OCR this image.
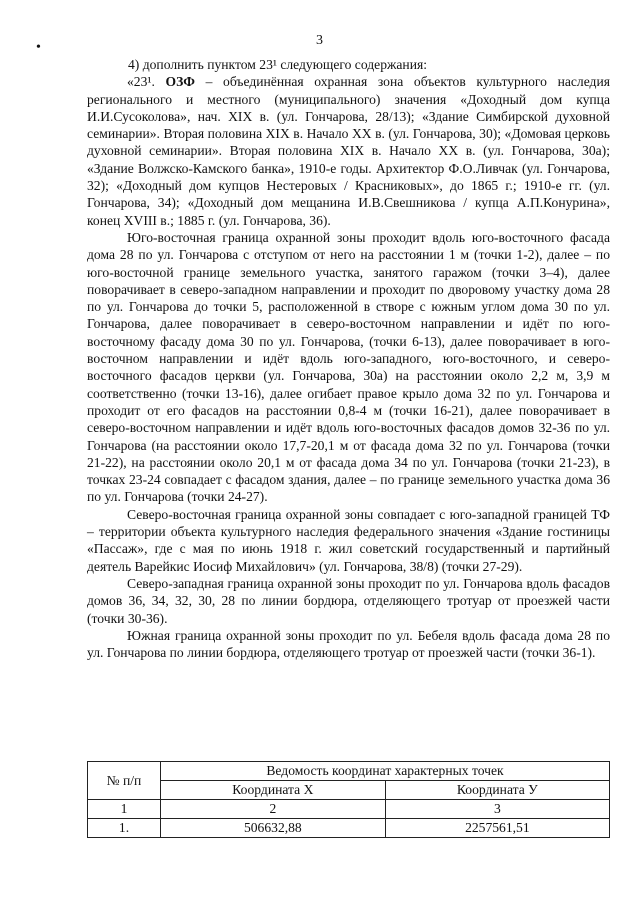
•	3

4) дополнить пунктом 23¹ следующего содержания:

«23¹. ОЗФ – объединённая охранная зона объектов культурного наследия регионального и местного (муниципального) значения «Доходный дом купца И.И.Сусоколова», нач. XIX в. (ул. Гончарова, 28/13); «Здание Симбирской духовной семинарии». Вторая половина XIX в. Начало XX в. (ул. Гончарова, 30); «Домовая церковь духовной семинарии». Вторая половина XIX в. Начало XX в. (ул. Гончарова, 30а); «Здание Волжско-Камского банка», 1910-е годы. Архитектор Ф.О.Ливчак (ул. Гончарова, 32); «Доходный дом купцов Нестеровых / Красниковых», до 1865 г.; 1910-е гг. (ул. Гончарова, 34); «Доходный дом мещанина И.В.Свешникова / купца А.П.Конурина», конец XVIII в.; 1885 г. (ул. Гончарова, 36).

Юго-восточная граница охранной зоны проходит вдоль юго-восточного фасада дома 28 по ул. Гончарова с отступом от него на расстоянии 1 м (точки 1-2), далее – по юго-восточной границе земельного участка, занятого гаражом (точки 3–4), далее поворачивает в северо-западном направлении и проходит по дворовому участку дома 28 по ул. Гончарова до точки 5, расположенной в створе с южным углом дома 30 по ул. Гончарова, далее поворачивает в северо-восточном направлении и идёт по юго-восточному фасаду дома 30 по ул. Гончарова, (точки 6-13), далее поворачивает в юго-восточном направлении и идёт вдоль юго-западного, юго-восточного, и северо-восточного фасадов церкви (ул. Гончарова, 30а) на расстоянии около 2,2 м, 3,9 м соответственно (точки 13-16), далее огибает правое крыло дома 32 по ул. Гончарова и проходит от его фасадов на расстоянии 0,8-4 м (точки 16-21), далее поворачивает в северо-восточном направлении и идёт вдоль юго-восточных фасадов домов 32-36 по ул. Гончарова (на расстоянии около 17,7-20,1 м от фасада дома 32 по ул. Гончарова (точки 21-22), на расстоянии около 20,1 м от фасада дома 34 по ул. Гончарова (точки 21-23), в точках 23-24 совпадает с фасадом здания, далее – по границе земельного участка дома 36 по ул. Гончарова (точки 24-27).

Северо-восточная граница охранной зоны совпадает с юго-западной границей ТФ – территории объекта культурного наследия федерального значения «Здание гостиницы «Пассаж», где с мая по июнь 1918 г. жил советский государственный и партийный деятель Варейкис Иосиф Михайлович» (ул. Гончарова, 38/8) (точки 27-29).

Северо-западная граница охранной зоны проходит по ул. Гончарова вдоль фасадов домов 36, 34, 32, 30, 28 по линии бордюра, отделяющего тротуар от проезжей части (точки 30-36).

Южная граница охранной зоны проходит по ул. Бебеля вдоль фасада дома 28 по ул. Гончарова по линии бордюра, отделяющего тротуар от проезжей части (точки 36-1).

№ п/п	Ведомость координат характерных точек	
	Координата Х	Координата У
1	2	3
1.	506632,88	2257561,51
